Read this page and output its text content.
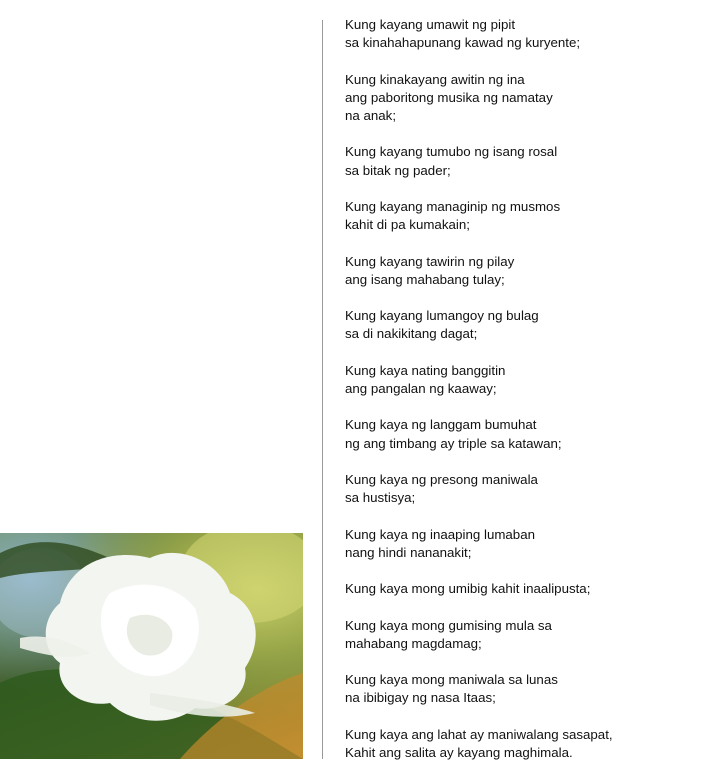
Kung kayang umawit ng pipit
sa kinahahapunang kawad ng kuryente;
Kung kinakayang awitin ng ina
ang paboritong musika ng namatay
na anak;
Kung kayang tumubo ng isang rosal
sa bitak ng pader;
Kung kayang managinip ng musmos
kahit di pa kumakain;
Kung kayang tawirin ng pilay
ang isang mahabang tulay;
Kung kayang lumangoy ng bulag
sa di nakikitang dagat;
Kung kaya nating banggitin
ang pangalan ng kaaway;
Kung kaya ng langgam bumuhat
ng ang timbang ay triple sa katawan;
Kung kaya ng presong maniwala
sa hustisya;
Kung kaya ng inaaping lumaban
nang hindi nananakit;
Kung kaya mong umibig kahit inaalipusta;
Kung kaya mong gumising mula sa
mahabang magdamag;
Kung kaya mong maniwala sa lunas
na ibibigay ng nasa Itaas;
Kung kaya ang lahat ay maniwalang sasapat,
Kahit ang salita ay kayang maghimala.
